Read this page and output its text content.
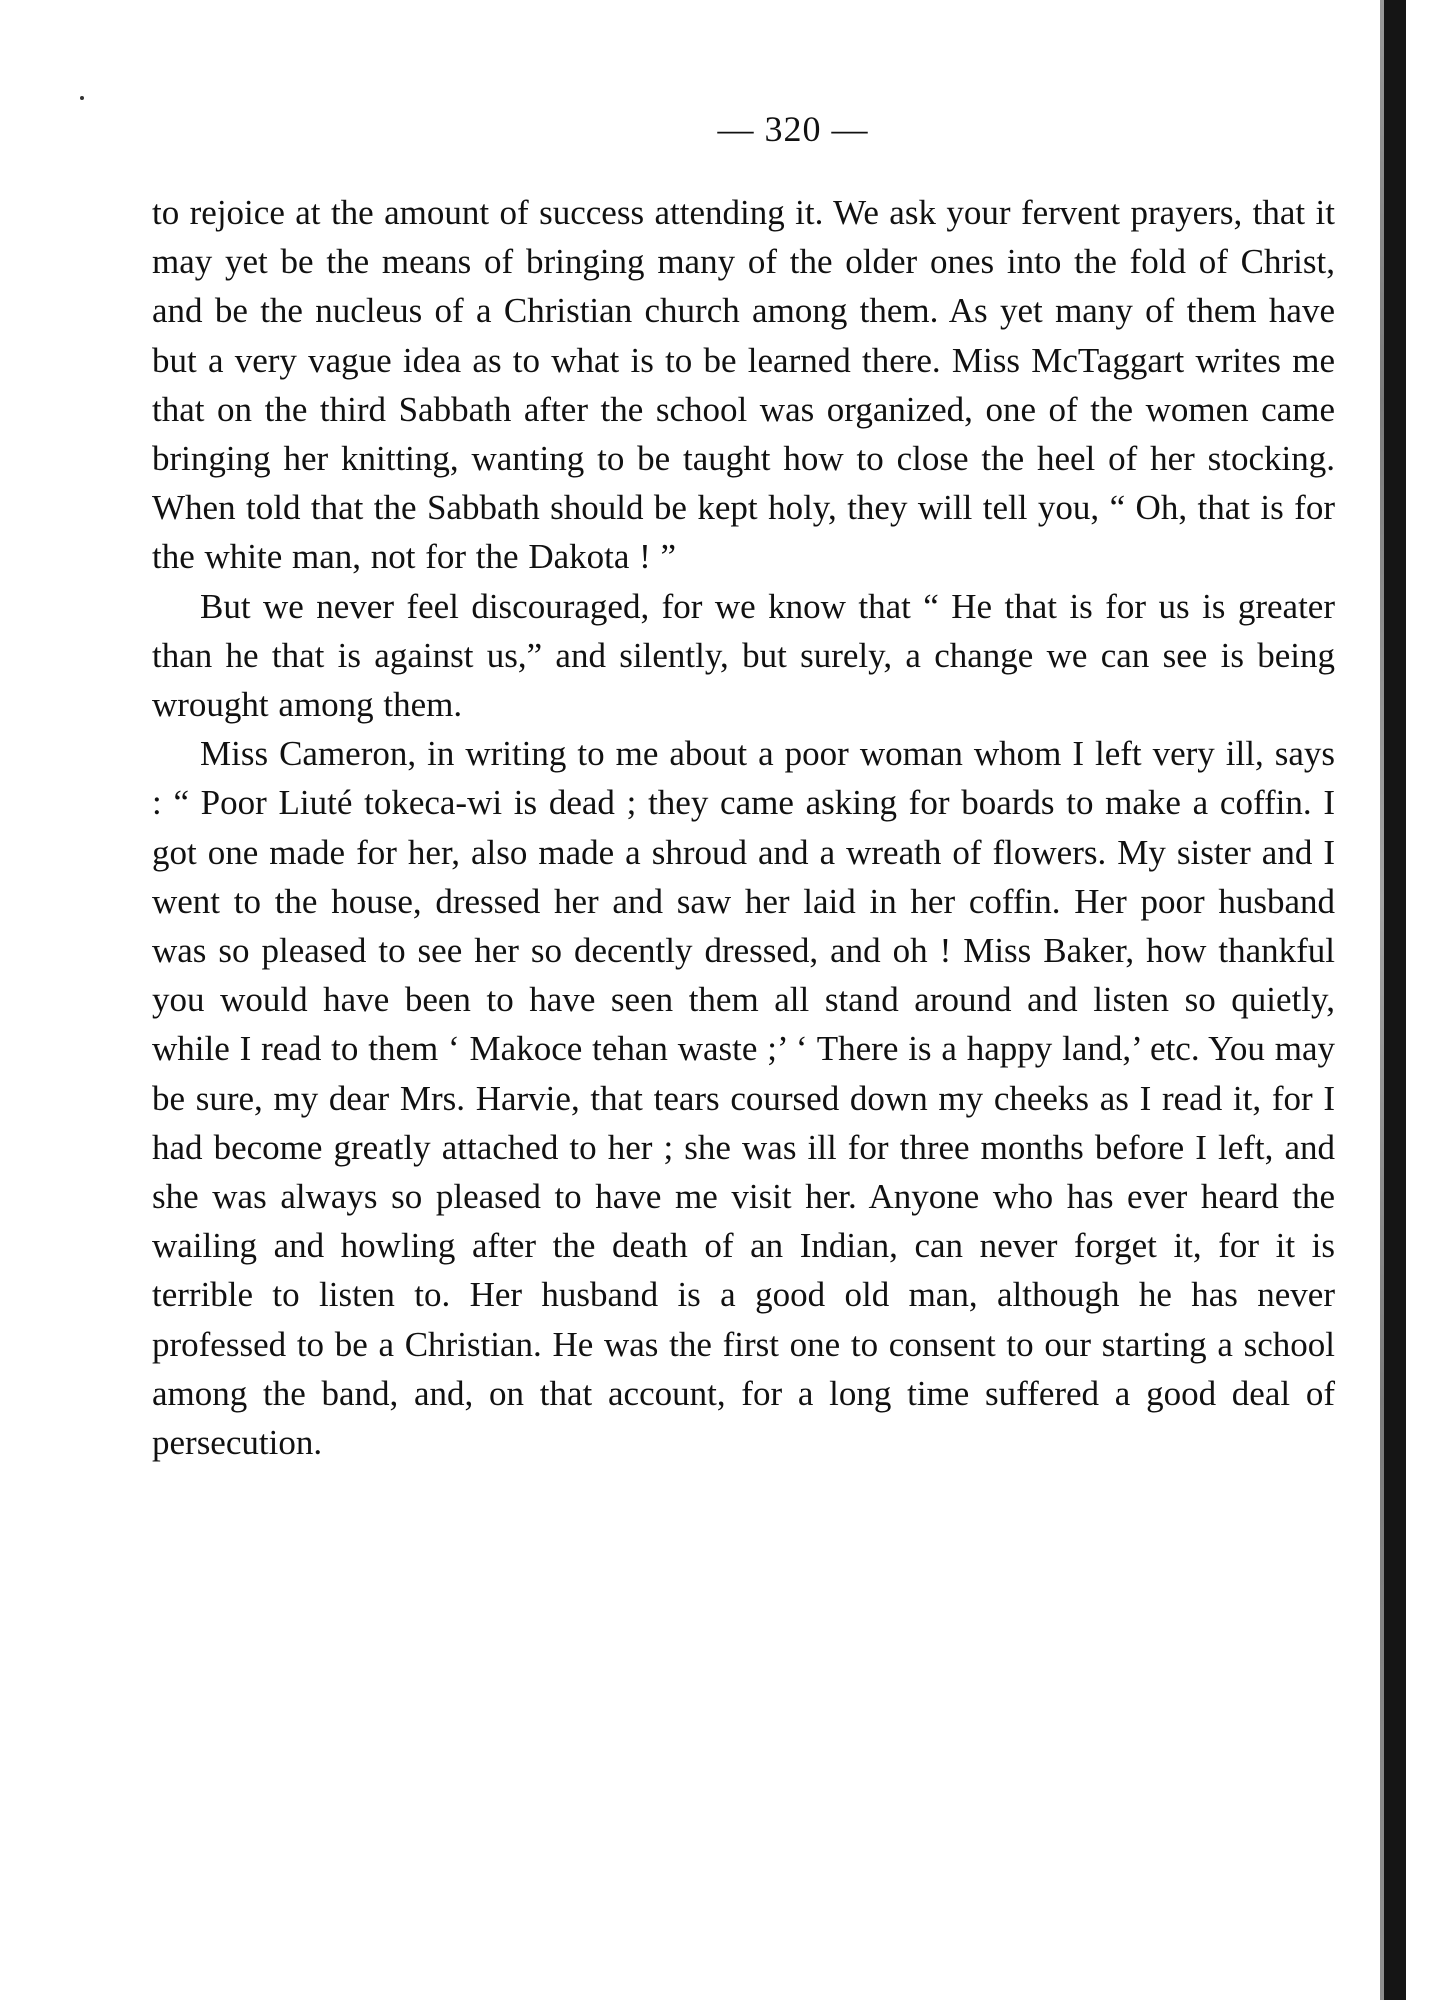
— 320 —

to rejoice at the amount of success attending it. We ask your fervent prayers, that it may yet be the means of bringing many of the older ones into the fold of Christ, and be the nucleus of a Christian church among them. As yet many of them have but a very vague idea as to what is to be learned there. Miss McTaggart writes me that on the third Sabbath after the school was organized, one of the women came bringing her knitting, wanting to be taught how to close the heel of her stocking. When told that the Sabbath should be kept holy, they will tell you, “ Oh, that is for the white man, not for the Dakota ! ”

But we never feel discouraged, for we know that “ He that is for us is greater than he that is against us,” and silently, but surely, a change we can see is being wrought among them.

Miss Cameron, in writing to me about a poor woman whom I left very ill, says : “ Poor Liuté tokeca-wi is dead ; they came asking for boards to make a coffin. I got one made for her, also made a shroud and a wreath of flowers. My sister and I went to the house, dressed her and saw her laid in her coffin. Her poor husband was so pleased to see her so decently dressed, and oh ! Miss Baker, how thankful you would have been to have seen them all stand around and listen so quietly, while I read to them ‘ Makoce tehan waste ;’ ‘ There is a happy land,’ etc. You may be sure, my dear Mrs. Harvie, that tears coursed down my cheeks as I read it, for I had become greatly attached to her ; she was ill for three months before I left, and she was always so pleased to have me visit her. Anyone who has ever heard the wailing and howling after the death of an Indian, can never forget it, for it is terrible to listen to. Her husband is a good old man, although he has never professed to be a Christian. He was the first one to consent to our starting a school among the band, and, on that account, for a long time suffered a good deal of persecution.
